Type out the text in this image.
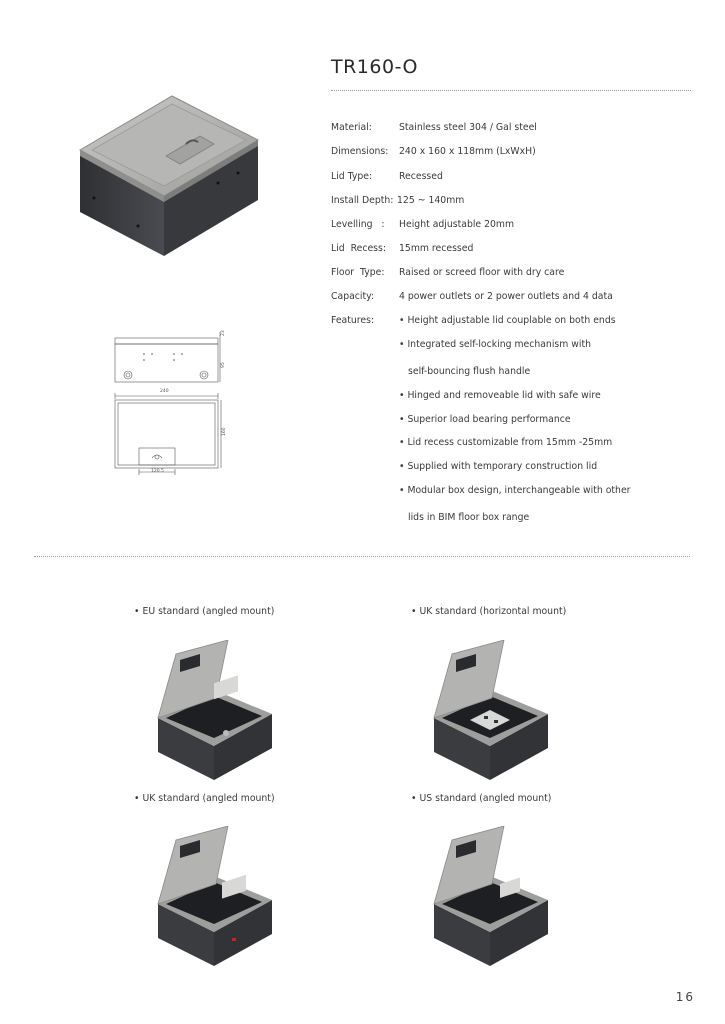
TR160-O
Material:	Stainless steel 304 / Gal steel
Dimensions: 240 x 160 x 118mm (LxWxH)
Lid Type:	Recessed
Install Depth: 125 ~ 140mm
Levelling   : Height adjustable 20mm
Lid  Recess: 15mm recessed
Floor  Type: Raised or screed floor with dry care
Capacity:	4 power outlets or 2 power outlets and 4 data
Features:	• Height adjustable lid couplable on both ends
• Integrated self-locking mechanism with
self-bouncing flush handle
• Hinged and removeable lid with safe wire
• Superior load bearing performance
• Lid recess customizable from 15mm -25mm
• Supplied with temporary construction lid
• Modular box design, interchangeable with other
lids in BIM floor box range
23
95
240
160
120.5
• EU standard (angled mount)	• UK standard (horizontal mount)
• UK standard (angled mount)	• US standard (angled mount)
16
